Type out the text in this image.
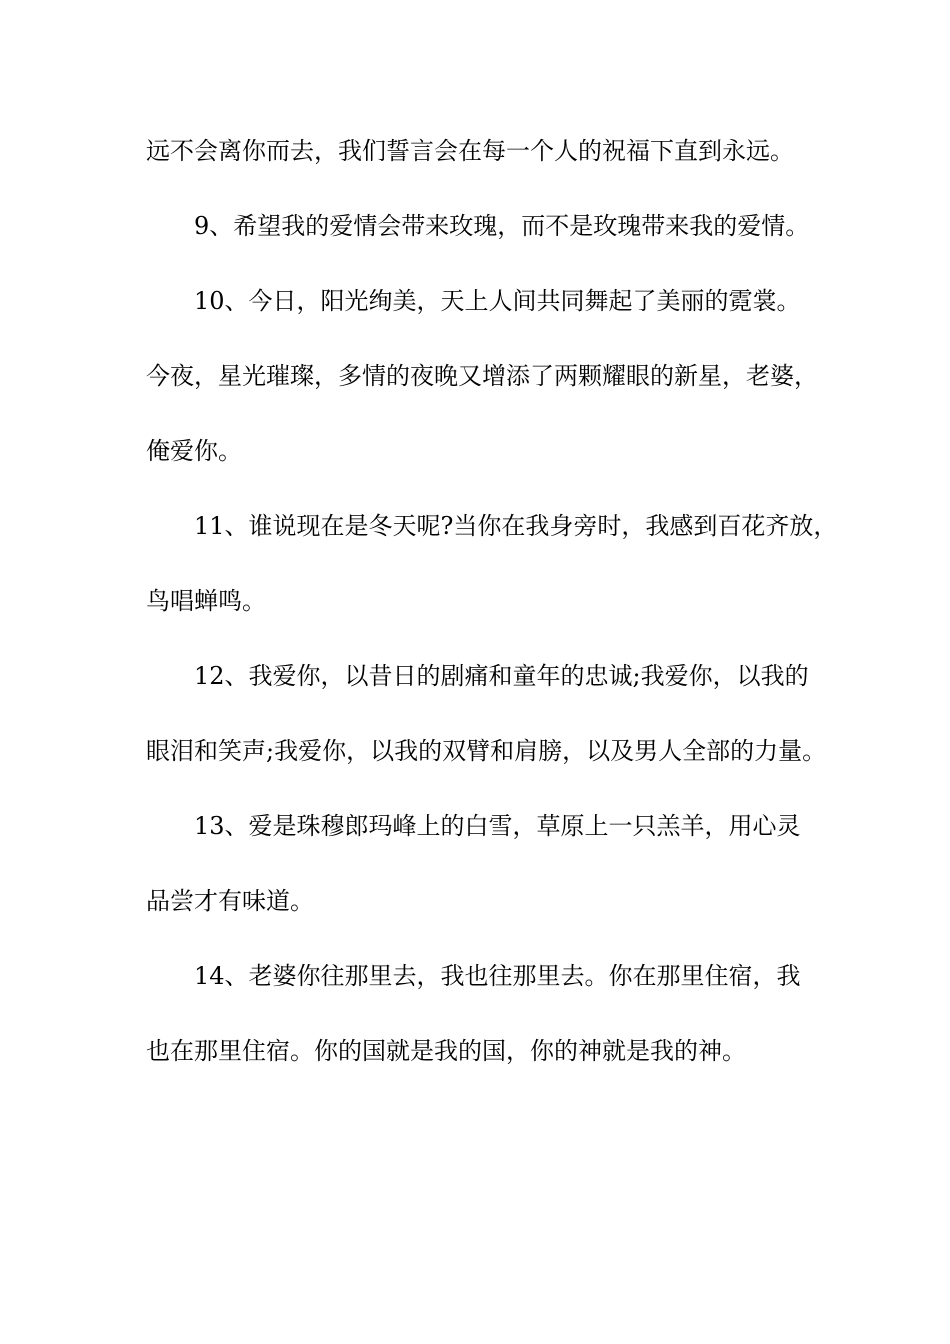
远不会离你而去，我们誓言会在每一个人的祝福下直到永远。
9、希望我的爱情会带来玫瑰，而不是玫瑰带来我的爱情。
10、今日，阳光绚美，天上人间共同舞起了美丽的霓裳。
今夜，星光璀璨，多情的夜晚又增添了两颗耀眼的新星，老婆，
俺爱你。
11、谁说现在是冬天呢?当你在我身旁时，我感到百花齐放，
鸟唱蝉鸣。
12、我爱你，以昔日的剧痛和童年的忠诚;我爱你，以我的
眼泪和笑声;我爱你，以我的双臂和肩膀，以及男人全部的力量。
13、爱是珠穆郎玛峰上的白雪，草原上一只羔羊，用心灵
品尝才有味道。
14、老婆你往那里去，我也往那里去。你在那里住宿，我
也在那里住宿。你的国就是我的国，你的神就是我的神。
